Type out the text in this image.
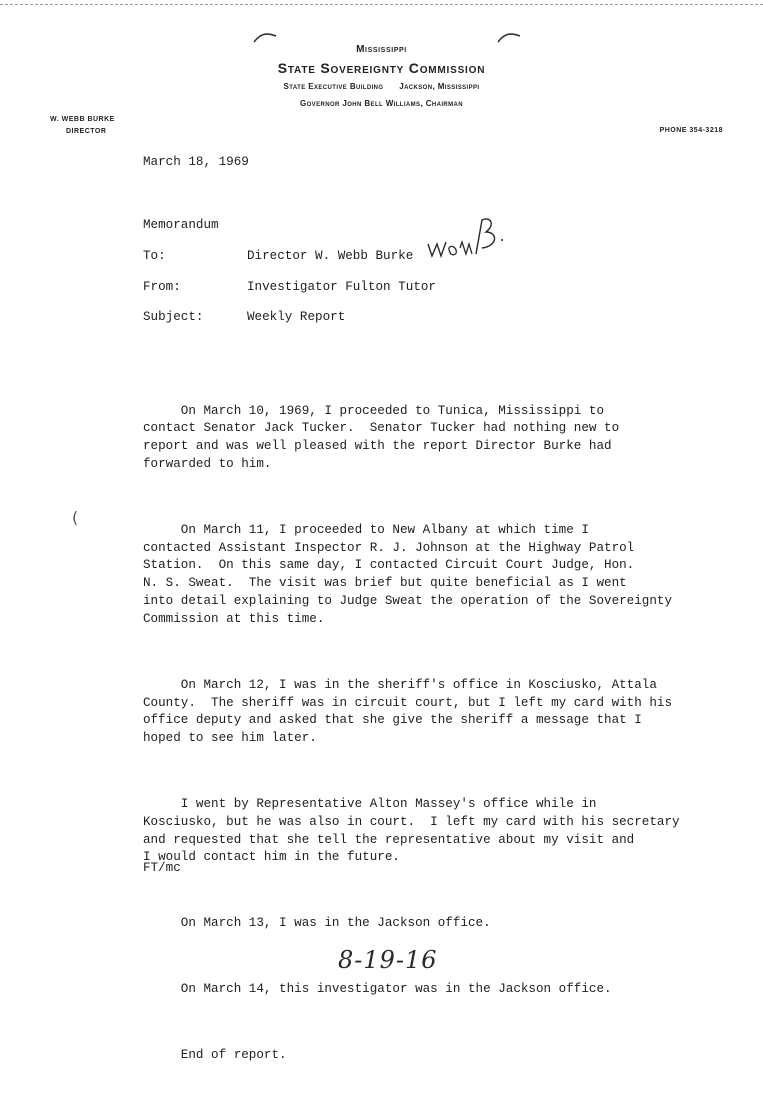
Mississippi
State Sovereignty Commission
State Executive Building Jackson, Mississippi
Governor John Bell Williams, Chairman
W. WEBB BURKE
DIRECTOR	PHONE 354-3218
March 18, 1969
Memorandum
To:	Director W. Webb Burke
From:	Investigator Fulton Tutor
Subject:	Weekly Report

On March 10, 1969, I proceeded to Tunica, Mississippi to
contact Senator Jack Tucker.  Senator Tucker had nothing new to
report and was well pleased with the report Director Burke had
forwarded to him.

On March 11, I proceeded to New Albany at which time I
contacted Assistant Inspector R. J. Johnson at the Highway Patrol
Station.  On this same day, I contacted Circuit Court Judge, Hon.
N. S. Sweat.  The visit was brief but quite beneficial as I went
into detail explaining to Judge Sweat the operation of the Sovereignty
Commission at this time.

On March 12, I was in the sheriff's office in Kosciusko, Attala
County.  The sheriff was in circuit court, but I left my card with his
office deputy and asked that she give the sheriff a message that I
hoped to see him later.

I went by Representative Alton Massey's office while in
Kosciusko, but he was also in court.  I left my card with his secretary
and requested that she tell the representative about my visit and
I would contact him in the future.

On March 13, I was in the Jackson office.

On March 14, this investigator was in the Jackson office.

End of report.

(
FT/mc
8-19-16
